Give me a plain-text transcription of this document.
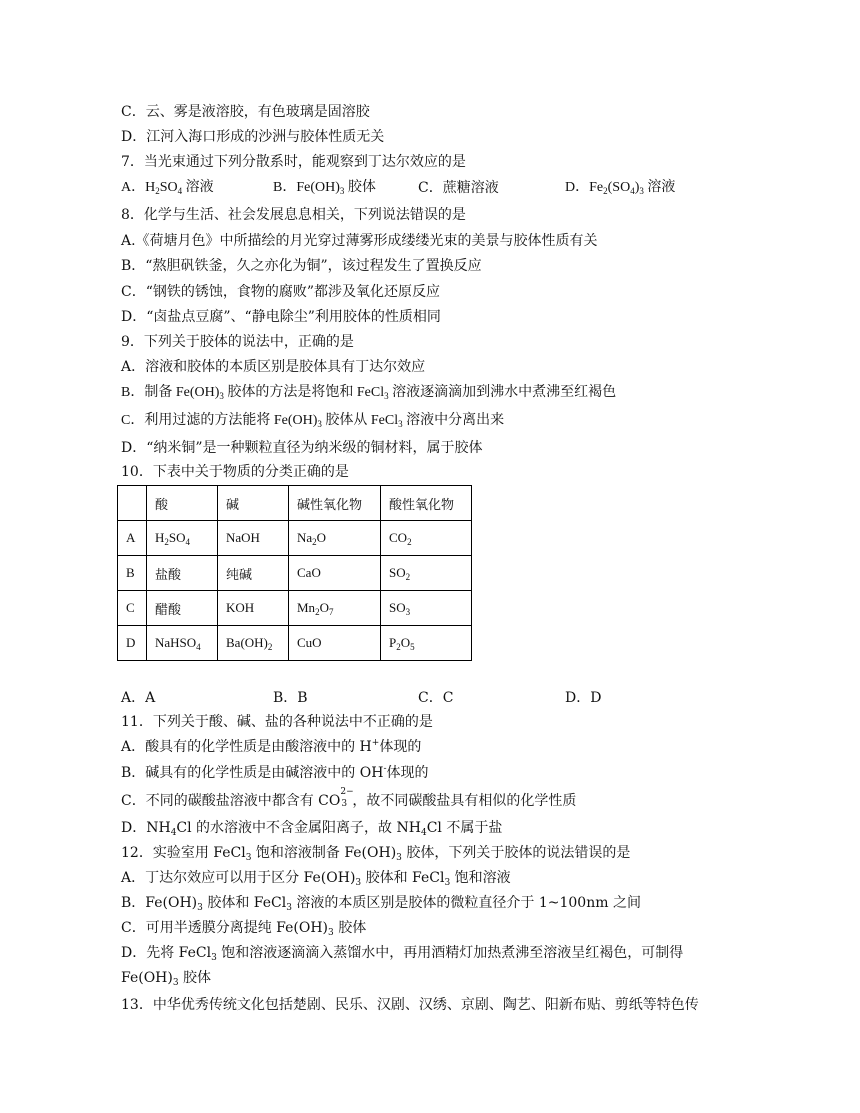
C．云、雾是液溶胶，有色玻璃是固溶胶
D．江河入海口形成的沙洲与胶体性质无关
7．当光束通过下列分散系时，能观察到丁达尔效应的是
A．$H_2SO_4$ 溶液	B．$Fe(OH)_3$ 胶体	C．蔗糖溶液	D．$Fe_2(SO_4)_3$ 溶液
8．化学与生活、社会发展息息相关，下列说法错误的是
A.《荷塘月色》中所描绘的月光穿过薄雾形成缕缕光束的美景与胶体性质有关
B．“熬胆矾铁釜，久之亦化为铜”，该过程发生了置换反应
C．“钢铁的锈蚀，食物的腐败”都涉及氧化还原反应
D．“卤盐点豆腐”、“静电除尘”利用胶体的性质相同
9．下列关于胶体的说法中，正确的是
A．溶液和胶体的本质区别是胶体具有丁达尔效应
B．制备 $Fe(OH)_3$ 胶体的方法是将饱和 FeCl$_3$ 溶液逐滴滴加到沸水中煮沸至红褐色
C．利用过滤的方法能将 $Fe(OH)_3$ 胶体从 FeCl$_3$ 溶液中分离出来
D．“纳米铜”是一种颗粒直径为纳米级的铜材料，属于胶体
10．下表中关于物质的分类正确的是
	酸	碱	碱性氧化物	酸性氧化物
A	$H_2SO_4$	NaOH	$Na_2O$	$CO_2$
B	盐酸	纯碱	CaO	$SO_2$
C	醋酸	KOH	$Mn_2O_7$	$SO_3$
D	NaHSO$_4$	$Ba(OH)_2$	CuO	$P_2O_5$
A．A	B．B	C．C	D．D
11．下列关于酸、碱、盐的各种说法中不正确的是
A．酸具有的化学性质是由酸溶液中的 H+体现的
B．碱具有的化学性质是由碱溶液中的 OH-体现的
C．不同的碳酸盐溶液中都含有 CO
2−
3 ，故不同碳酸盐具有相似的化学性质
D．$NH_4Cl$ 的水溶液中不含金属阳离子，故 $NH_4Cl$ 不属于盐
12．实验室用 FeCl$_3$ 饱和溶液制备 $Fe(OH)_3$ 胶体，下列关于胶体的说法错误的是
A．丁达尔效应可以用于区分 $Fe(OH)_3$ 胶体和 FeCl$_3$ 饱和溶液
B．$Fe(OH)_3$ 胶体和 FeCl$_3$ 溶液的本质区别是胶体的微粒直径介于 1~100nm 之间
C．可用半透膜分离提纯 $Fe(OH)_3$ 胶体
D．先将 FeCl$_3$ 饱和溶液逐滴滴入蒸馏水中，再用酒精灯加热煮沸至溶液呈红褐色，可制得
$Fe(OH)_3$ 胶体
13．中华优秀传统文化包括楚剧、民乐、汉剧、汉绣、京剧、陶艺、阳新布贴、剪纸等特色传
